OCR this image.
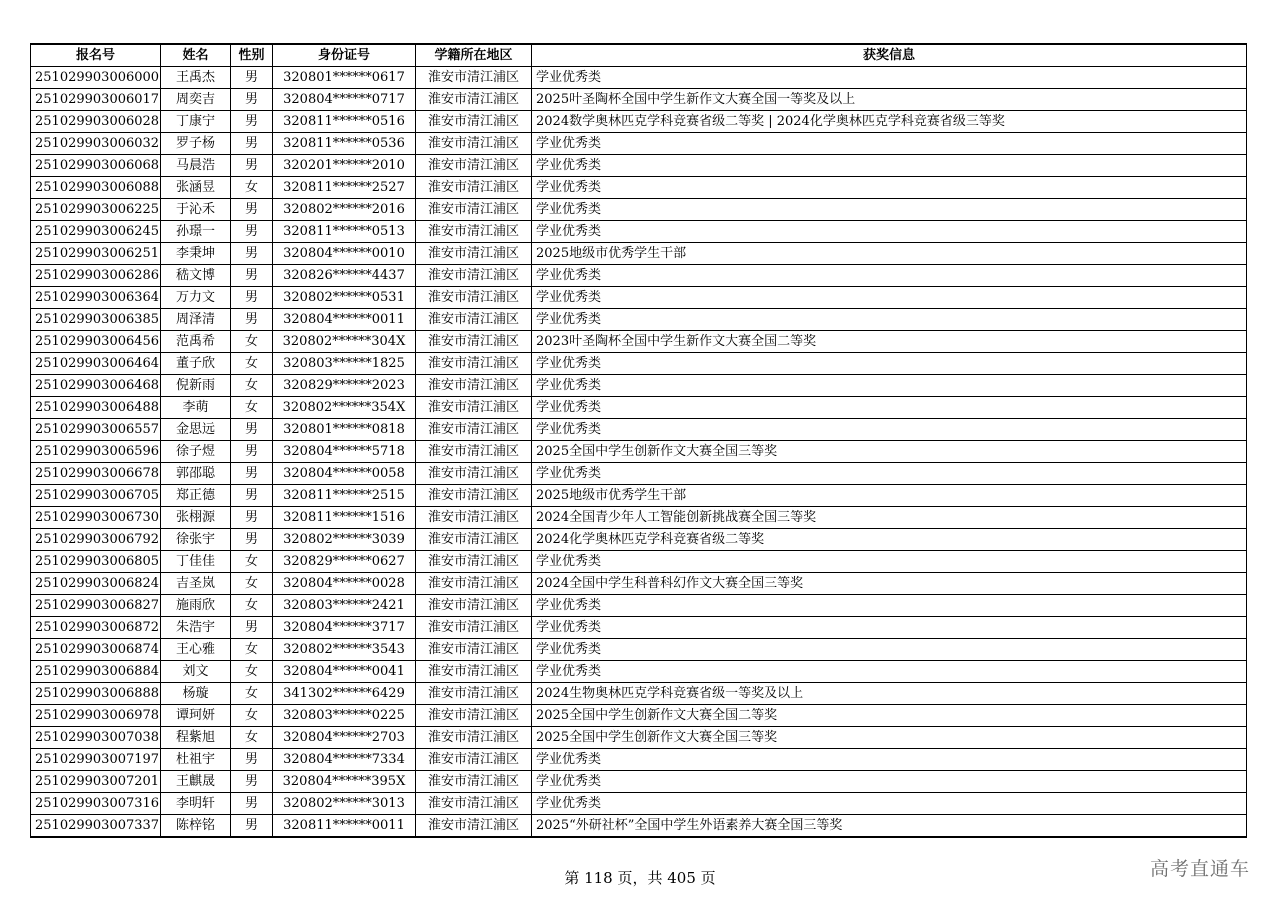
报名号	姓名	性别	身份证号	学籍所在地区	获奖信息
251029903006000	王禹杰	男	320801******0617	淮安市清江浦区	学业优秀类
251029903006017	周奕吉	男	320804******0717	淮安市清江浦区	2025叶圣陶杯全国中学生新作文大赛全国一等奖及以上
251029903006028	丁康宁	男	320811******0516	淮安市清江浦区	2024数学奥林匹克学科竞赛省级二等奖 | 2024化学奥林匹克学科竞赛省级三等奖
251029903006032	罗子杨	男	320811******0536	淮安市清江浦区	学业优秀类
251029903006068	马晨浩	男	320201******2010	淮安市清江浦区	学业优秀类
251029903006088	张涵昱	女	320811******2527	淮安市清江浦区	学业优秀类
251029903006225	于沁禾	男	320802******2016	淮安市清江浦区	学业优秀类
251029903006245	孙璟一	男	320811******0513	淮安市清江浦区	学业优秀类
251029903006251	李秉坤	男	320804******0010	淮安市清江浦区	2025地级市优秀学生干部
251029903006286	嵇文博	男	320826******4437	淮安市清江浦区	学业优秀类
251029903006364	万力文	男	320802******0531	淮安市清江浦区	学业优秀类
251029903006385	周泽清	男	320804******0011	淮安市清江浦区	学业优秀类
251029903006456	范禹希	女	320802******304X	淮安市清江浦区	2023叶圣陶杯全国中学生新作文大赛全国二等奖
251029903006464	董子欣	女	320803******1825	淮安市清江浦区	学业优秀类
251029903006468	倪新雨	女	320829******2023	淮安市清江浦区	学业优秀类
251029903006488	李萌	女	320802******354X	淮安市清江浦区	学业优秀类
251029903006557	金思远	男	320801******0818	淮安市清江浦区	学业优秀类
251029903006596	徐子煜	男	320804******5718	淮安市清江浦区	2025全国中学生创新作文大赛全国三等奖
251029903006678	郭邵聪	男	320804******0058	淮安市清江浦区	学业优秀类
251029903006705	郑正德	男	320811******2515	淮安市清江浦区	2025地级市优秀学生干部
251029903006730	张栩源	男	320811******1516	淮安市清江浦区	2024全国青少年人工智能创新挑战赛全国三等奖
251029903006792	徐张宇	男	320802******3039	淮安市清江浦区	2024化学奥林匹克学科竞赛省级二等奖
251029903006805	丁佳佳	女	320829******0627	淮安市清江浦区	学业优秀类
251029903006824	吉圣岚	女	320804******0028	淮安市清江浦区	2024全国中学生科普科幻作文大赛全国三等奖
251029903006827	施雨欣	女	320803******2421	淮安市清江浦区	学业优秀类
251029903006872	朱浩宇	男	320804******3717	淮安市清江浦区	学业优秀类
251029903006874	王心雅	女	320802******3543	淮安市清江浦区	学业优秀类
251029903006884	刘文	女	320804******0041	淮安市清江浦区	学业优秀类
251029903006888	杨璇	女	341302******6429	淮安市清江浦区	2024生物奥林匹克学科竞赛省级一等奖及以上
251029903006978	谭珂妍	女	320803******0225	淮安市清江浦区	2025全国中学生创新作文大赛全国二等奖
251029903007038	程紫旭	女	320804******2703	淮安市清江浦区	2025全国中学生创新作文大赛全国三等奖
251029903007197	杜祖宇	男	320804******7334	淮安市清江浦区	学业优秀类
251029903007201	王麒晟	男	320804******395X	淮安市清江浦区	学业优秀类
251029903007316	李明轩	男	320802******3013	淮安市清江浦区	学业优秀类
251029903007337	陈梓铭	男	320811******0011	淮安市清江浦区	2025“外研社杯”全国中学生外语素养大赛全国三等奖
第 118 页，共 405 页	高考直通车
